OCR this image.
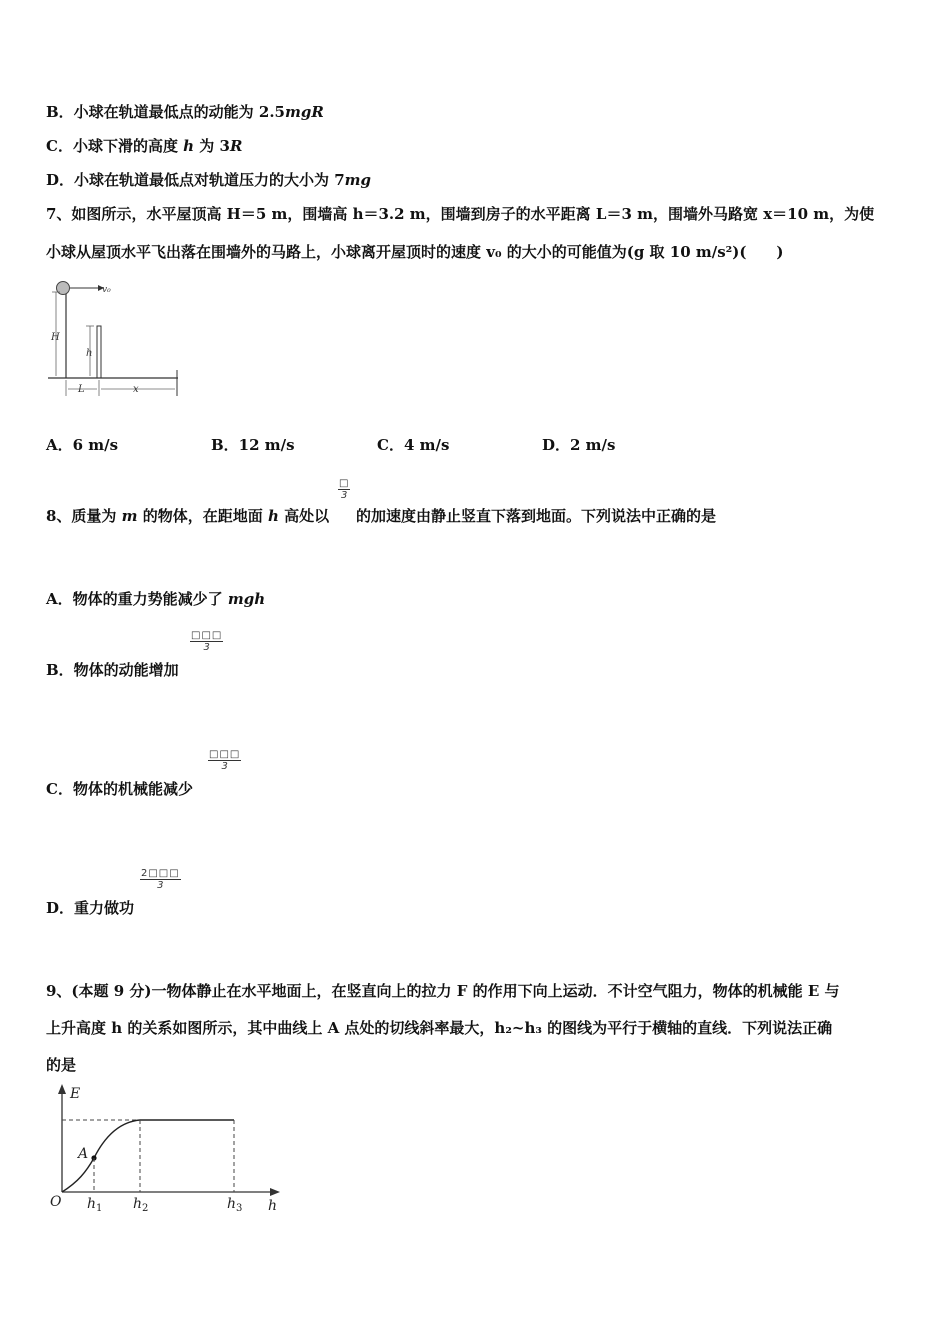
B．小球在轨道最低点的动能为 2.5mgR
C．小球下滑的高度 h 为 3R
D．小球在轨道最低点对轨道压力的大小为 7mg
7、如图所示，水平屋顶高 H＝5 m，围墙高 h＝3.2 m，围墙到房子的水平距离 L＝3 m，围墙外马路宽 x＝10 m，为使
小球从屋顶水平飞出落在围墙外的马路上，小球离开屋顶时的速度 v₀ 的大小的可能值为(g 取 10 m/s²)(　　)
v₀
H
h
L	x
A．6 m/s	B．12 m/s	C．4 m/s	D．2 m/s
□
3
8、质量为 m 的物体，在距地面 h 高处以 的加速度由静止竖直下落到地面。下列说法中正确的是
A．物体的重力势能减少了 mgh
□□□
3
B．物体的动能增加
□□□
3
C．物体的机械能减少
$\frac{2□□□}{3}$
D．重力做功
9、(本题 9 分)一物体静止在水平地面上，在竖直向上的拉力 F 的作用下向上运动．不计空气阻力，物体的机械能 E 与
上升高度 h 的关系如图所示，其中曲线上 A 点处的切线斜率最大，h₂~h₃ 的图线为平行于横轴的直线．下列说法正确
的是
E
O	h
A
$h_1$ $h_2$	$h_3$
